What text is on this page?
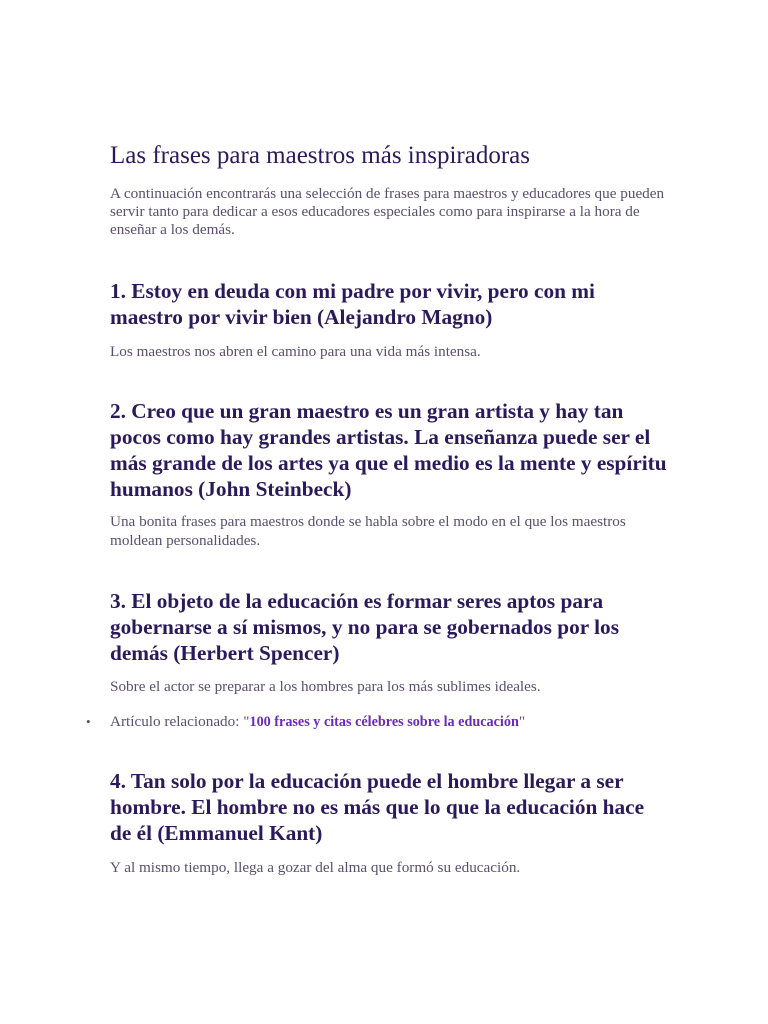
Las frases para maestros más inspiradoras

A continuación encontrarás una selección de frases para maestros y educadores que pueden servir tanto para dedicar a esos educadores especiales como para inspirarse a la hora de enseñar a los demás.

1. Estoy en deuda con mi padre por vivir, pero con mi maestro por vivir bien (Alejandro Magno)

Los maestros nos abren el camino para una vida más intensa.

2. Creo que un gran maestro es un gran artista y hay tan pocos como hay grandes artistas. La enseñanza puede ser el más grande de los artes ya que el medio es la mente y espíritu humanos (John Steinbeck)

Una bonita frases para maestros donde se habla sobre el modo en el que los maestros moldean personalidades.

3. El objeto de la educación es formar seres aptos para gobernarse a sí mismos, y no para se gobernados por los demás (Herbert Spencer)

Sobre el actor se preparar a los hombres para los más sublimes ideales.

Artículo relacionado: "100 frases y citas célebres sobre la educación"

4. Tan solo por la educación puede el hombre llegar a ser hombre. El hombre no es más que lo que la educación hace de él (Emmanuel Kant)

Y al mismo tiempo, llega a gozar del alma que formó su educación.

•
